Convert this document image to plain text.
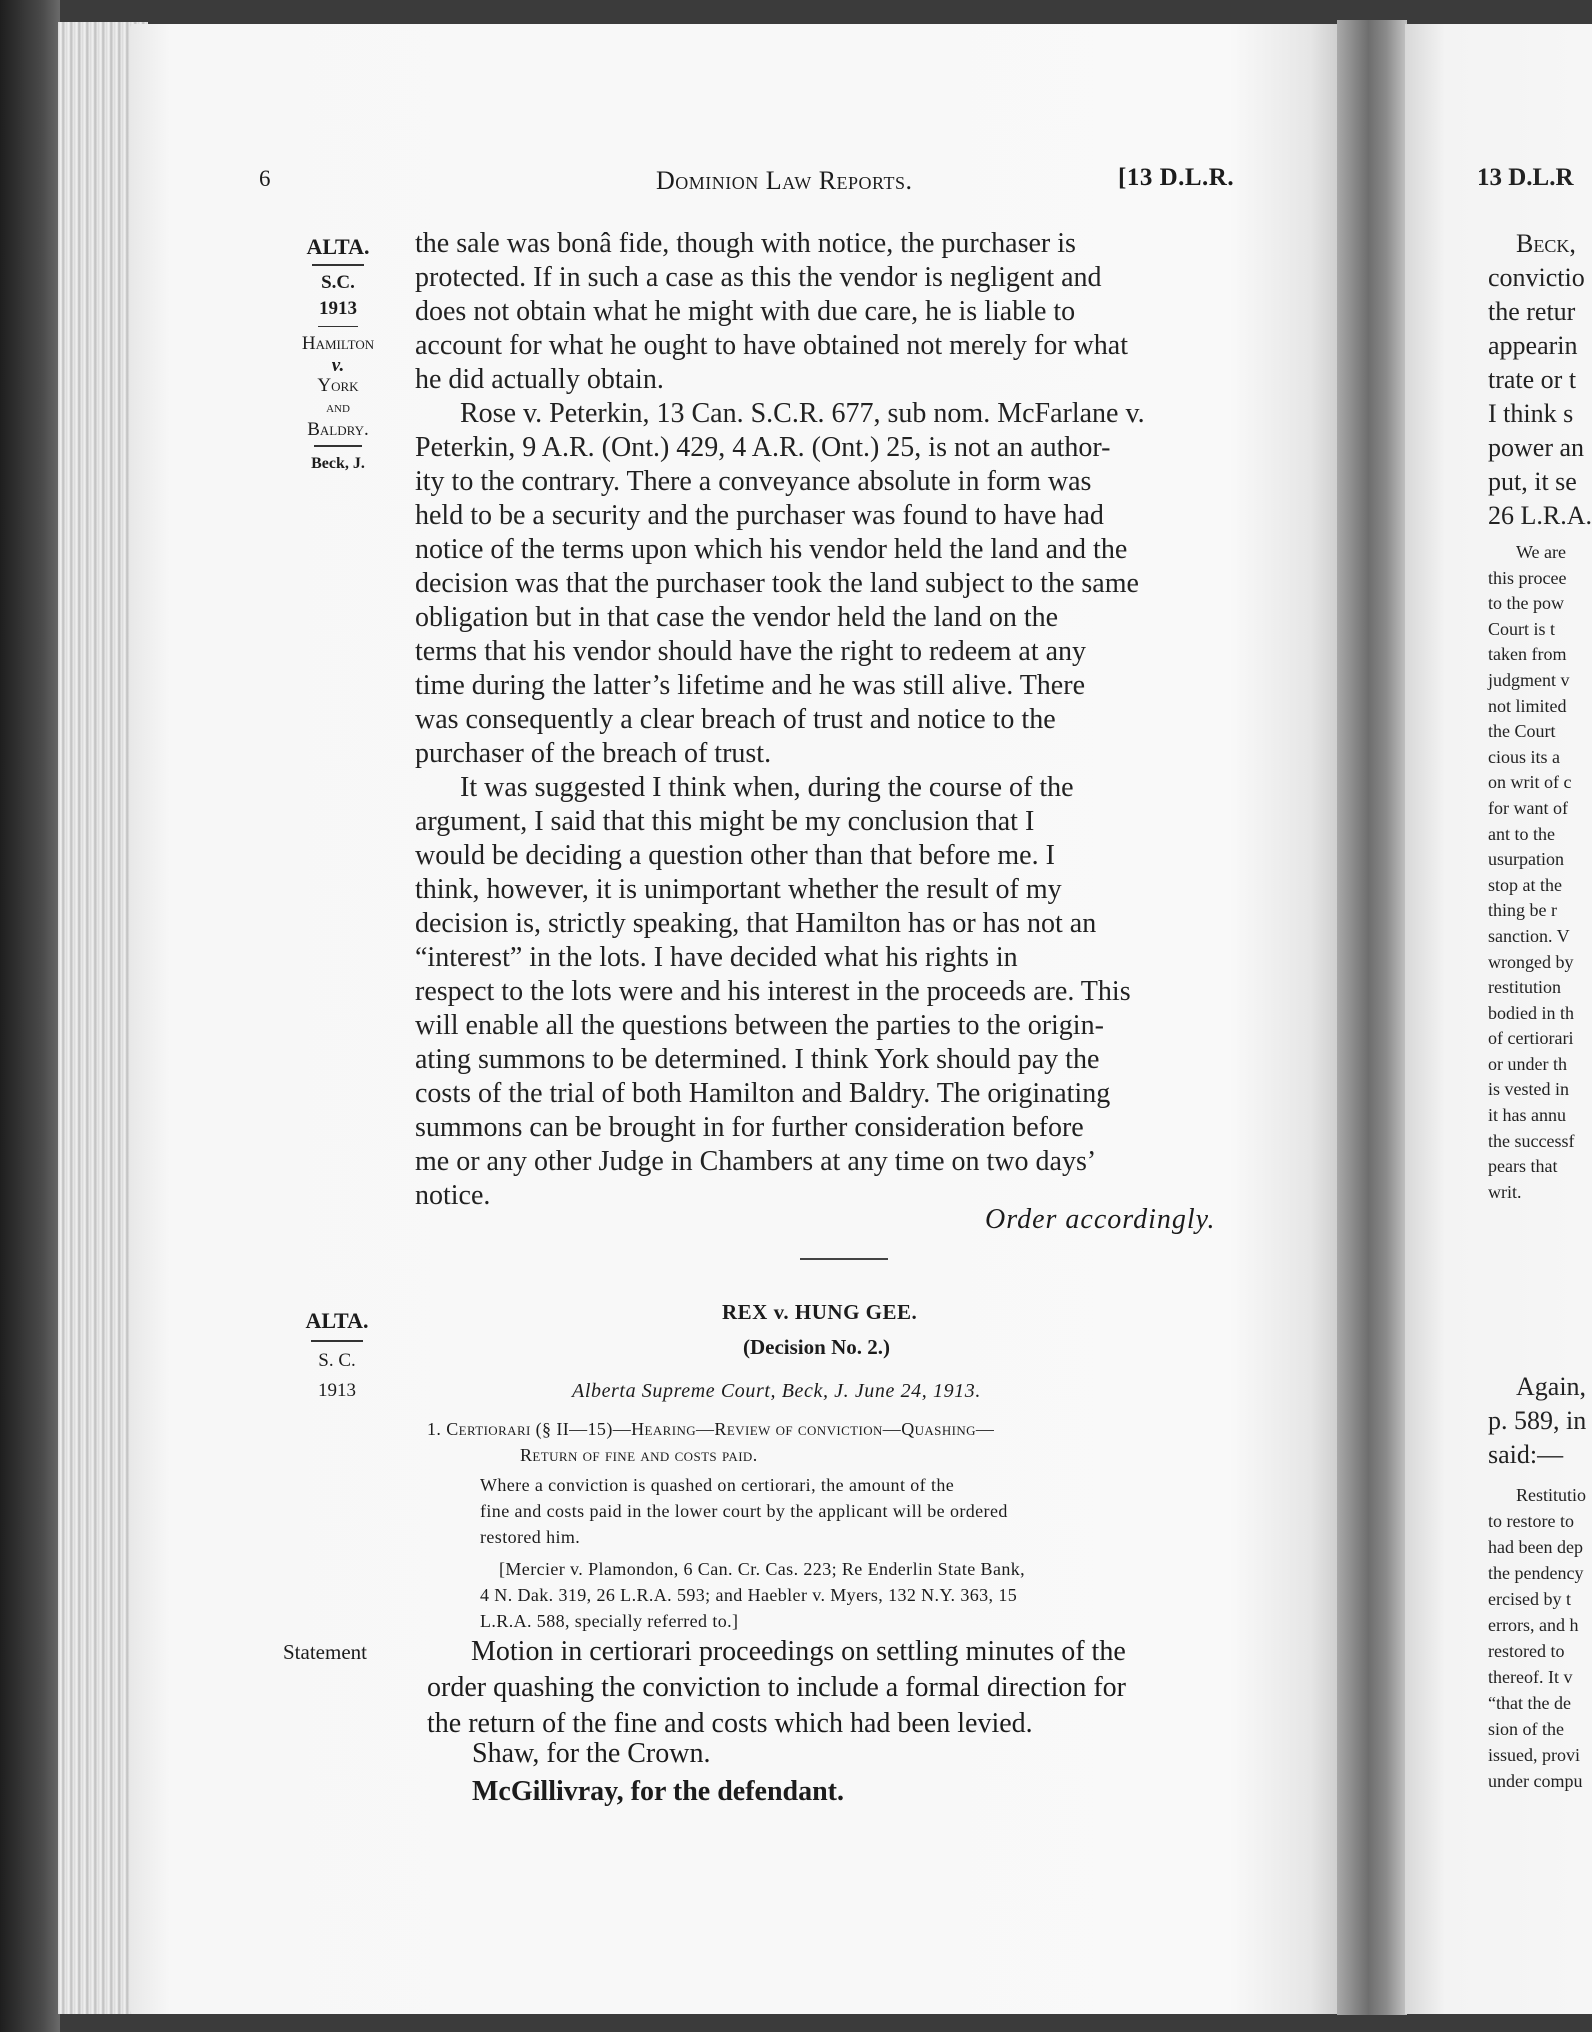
6	Dominion Law Reports.	[13 D.L.R.
ALTA.
S.C.
1913
Hamilton
v.
York
and
Baldry.
Beck, J.
the sale was bonâ fide, though with notice, the purchaser is
protected. If in such a case as this the vendor is negligent and
does not obtain what he might with due care, he is liable to
account for what he ought to have obtained not merely for what
he did actually obtain.
Rose v. Peterkin, 13 Can. S.C.R. 677, sub nom. McFarlane v.
Peterkin, 9 A.R. (Ont.) 429, 4 A.R. (Ont.) 25, is not an author-
ity to the contrary. There a conveyance absolute in form was
held to be a security and the purchaser was found to have had
notice of the terms upon which his vendor held the land and the
decision was that the purchaser took the land subject to the same
obligation but in that case the vendor held the land on the
terms that his vendor should have the right to redeem at any
time during the latter’s lifetime and he was still alive. There
was consequently a clear breach of trust and notice to the
purchaser of the breach of trust.
It was suggested I think when, during the course of the
argument, I said that this might be my conclusion that I
would be deciding a question other than that before me. I
think, however, it is unimportant whether the result of my
decision is, strictly speaking, that Hamilton has or has not an
“interest” in the lots. I have decided what his rights in
respect to the lots were and his interest in the proceeds are. This
will enable all the questions between the parties to the origin-
ating summons to be determined. I think York should pay the
costs of the trial of both Hamilton and Baldry. The originating
summons can be brought in for further consideration before
me or any other Judge in Chambers at any time on two days’
notice.
Order accordingly.
ALTA.
S. C.
1913
REX v. HUNG GEE.
(Decision No. 2.)
Alberta Supreme Court, Beck, J. June 24, 1913.
1. Certiorari (§ II—15)—Hearing—Review of conviction—Quashing—
Return of fine and costs paid.
Where a conviction is quashed on certiorari, the amount of the
fine and costs paid in the lower court by the applicant will be ordered
restored him.
[Mercier v. Plamondon, 6 Can. Cr. Cas. 223; Re Enderlin State Bank,
4 N. Dak. 319, 26 L.R.A. 593; and Haebler v. Myers, 132 N.Y. 363, 15
L.R.A. 588, specially referred to.]
Statement	Motion in certiorari proceedings on settling minutes of the
order quashing the conviction to include a formal direction for
the return of the fine and costs which had been levied.
Shaw, for the Crown.
McGillivray, for the defendant.
13 D.L.R
Beck,
convictio
the retur
appearin
trate or t
I think s
power an
put, it se
26 L.R.A.
We are
this procee
to the pow
Court is t
taken from
judgment v
not limited
the Court
cious its a
on writ of c
for want of
ant to the
usurpation
stop at the
thing be r
sanction. V
wronged by
restitution
bodied in th
of certiorari
or under th
is vested in
it has annu
the successf
pears that
writ.
Again,
p. 589, in
said:—
Restitutio
to restore to
had been dep
the pendency
ercised by t
errors, and h
restored to
thereof. It v
“that the de
sion of the
issued, provi
under compu
